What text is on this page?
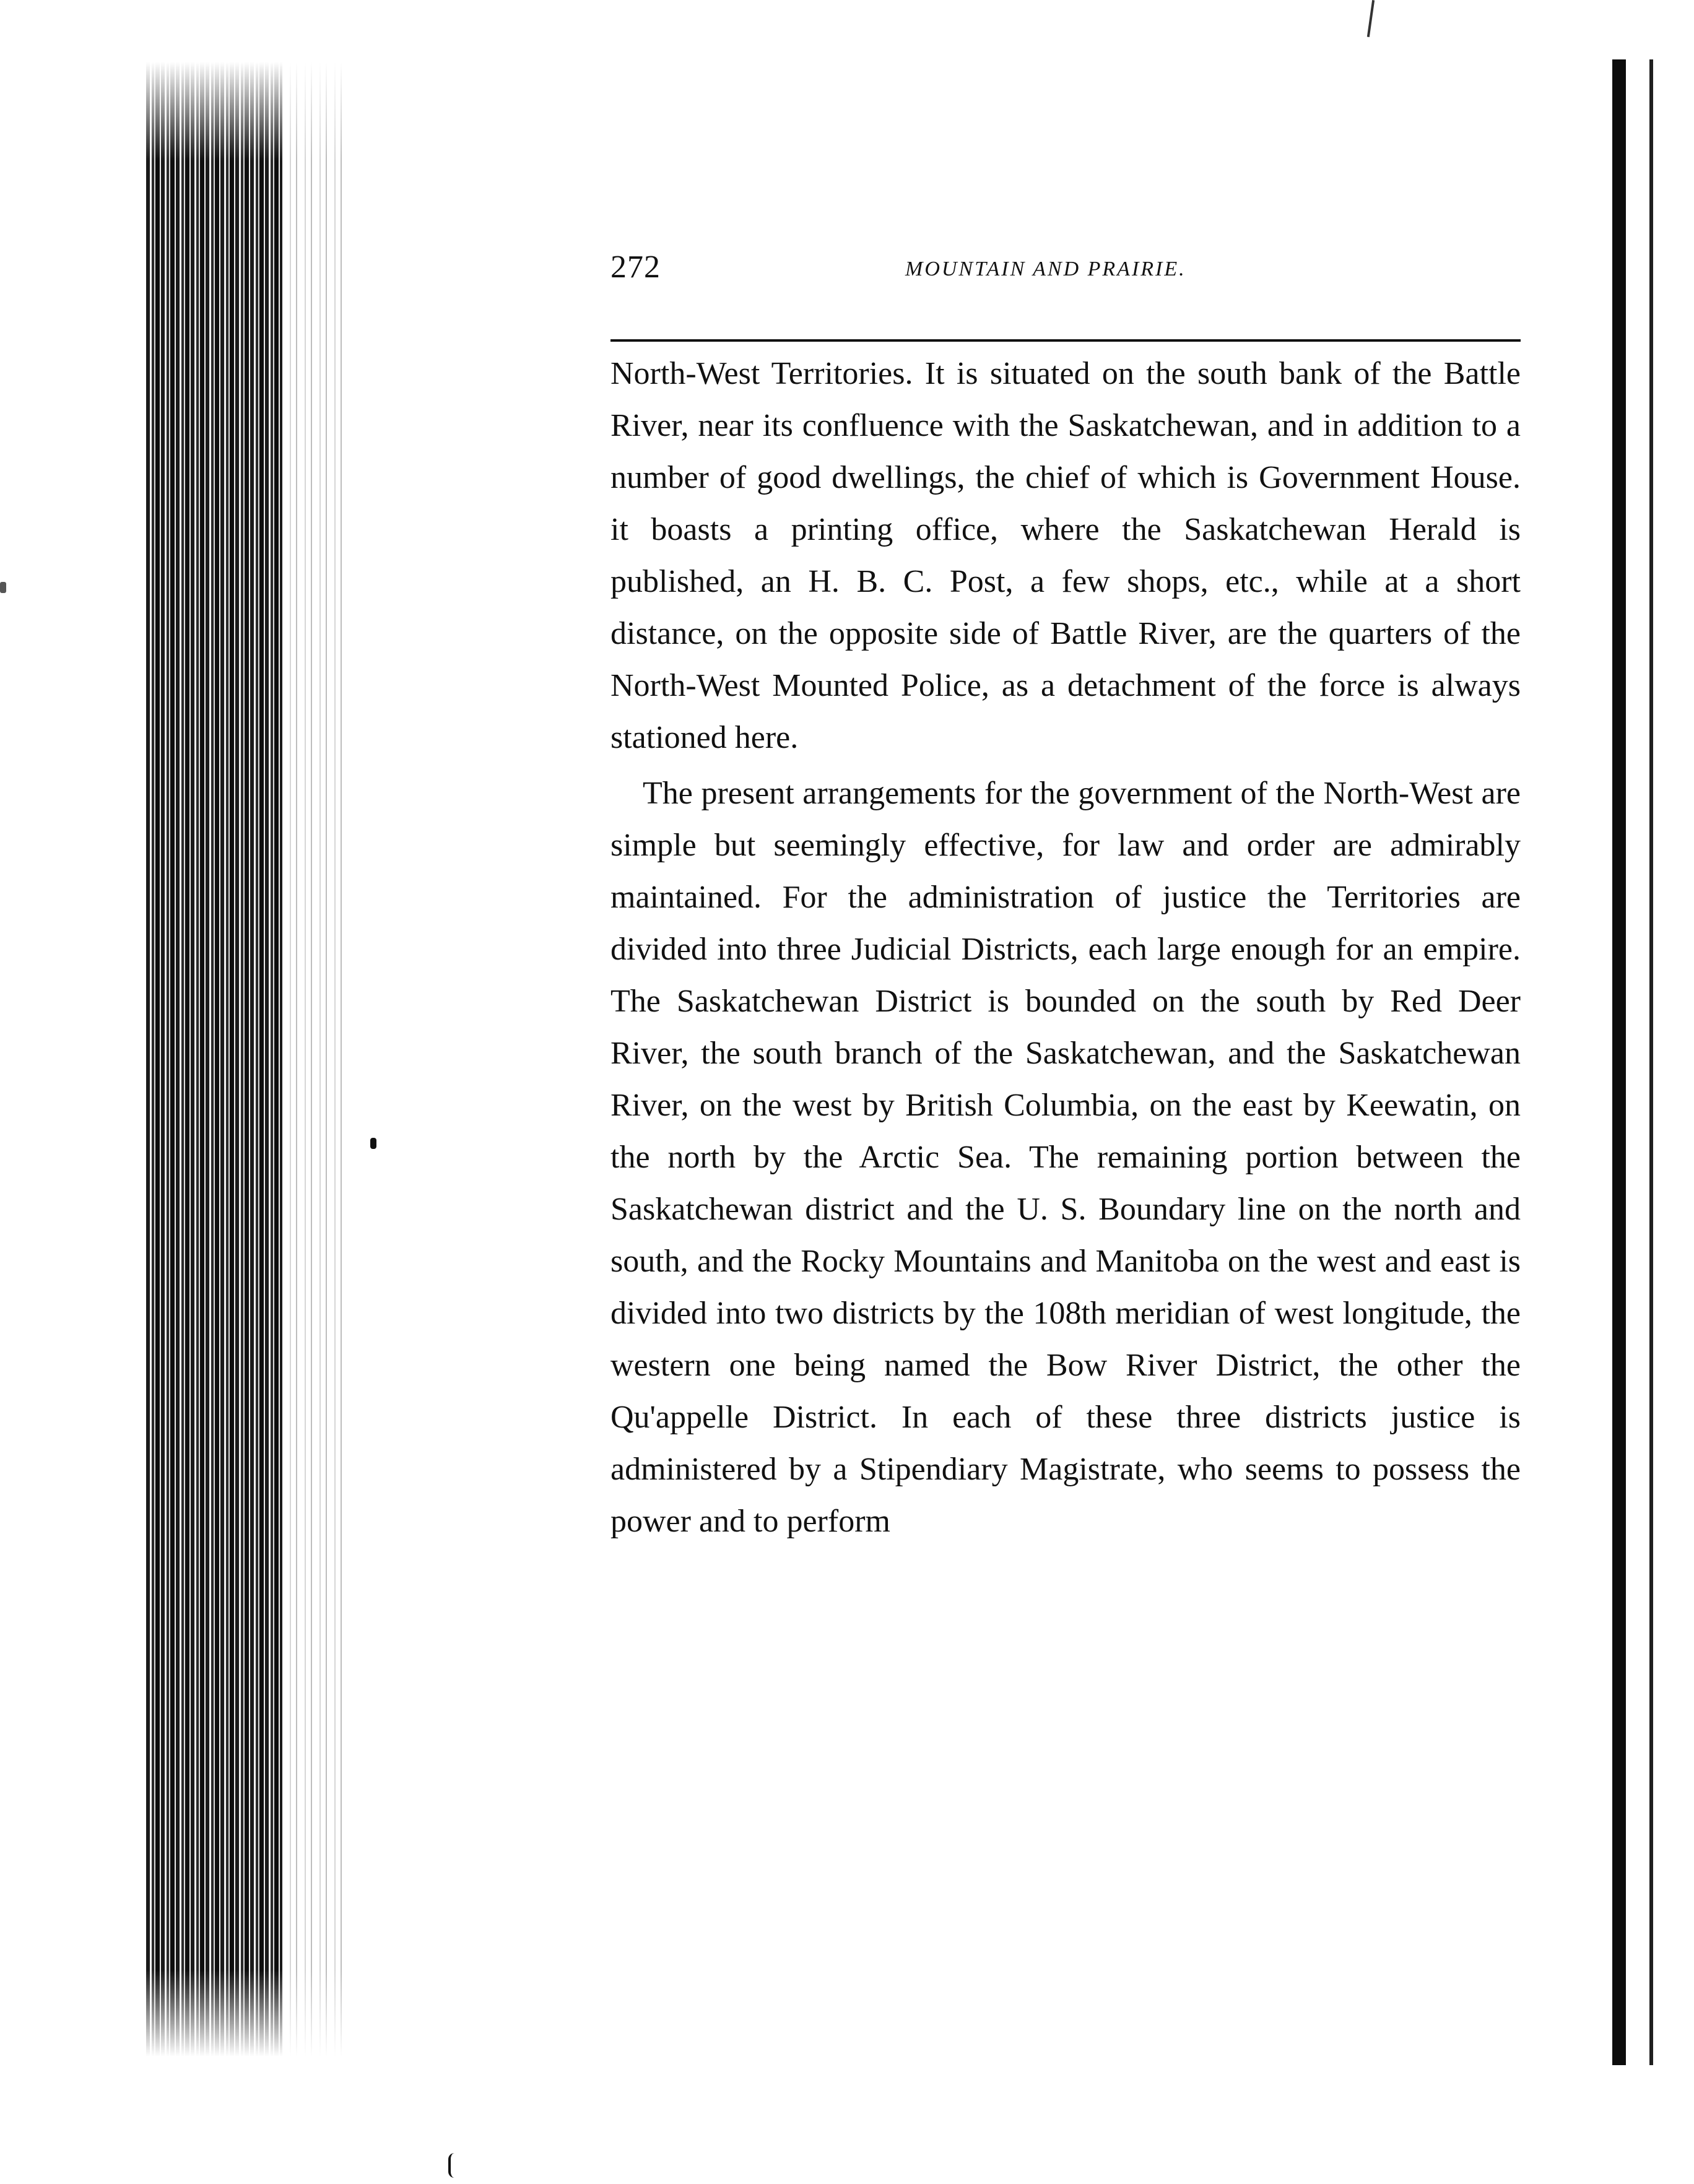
272	MOUNTAIN AND PRAIRIE.

North-West Territories. It is situated on the south bank of the Battle River, near its confluence with the Saskatchewan, and in addition to a number of good dwellings, the chief of which is Government House. it boasts a printing office, where the Saskatchewan Herald is published, an H. B. C. Post, a few shops, etc., while at a short distance, on the opposite side of Battle River, are the quarters of the North-West Mounted Police, as a detachment of the force is always stationed here.

The present arrangements for the government of the North-West are simple but seemingly effective, for law and order are admirably maintained. For the administration of justice the Territories are divided into three Judicial Districts, each large enough for an empire. The Saskatchewan District is bounded on the south by Red Deer River, the south branch of the Saskatchewan, and the Saskatchewan River, on the west by British Columbia, on the east by Keewatin, on the north by the Arctic Sea. The remaining portion between the Saskatchewan district and the U. S. Boundary line on the north and south, and the Rocky Mountains and Manitoba on the west and east is divided into two districts by the 108th meridian of west longitude, the western one being named the Bow River District, the other the Qu'appelle District. In each of these three districts justice is administered by a Stipendiary Magistrate, who seems to possess the power and to perform
